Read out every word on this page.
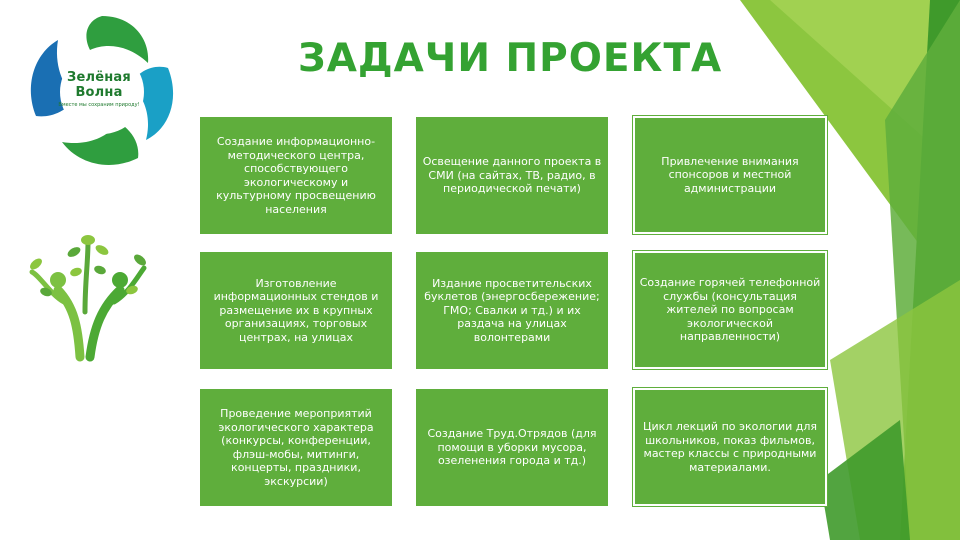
Зелёная Волна
Вместе мы сохраним природу!
ЗАДАЧИ ПРОЕКТА
Создание информационно-методического центра, способствующего экологическому и культурному просвещению населения
Освещение данного проекта в СМИ (на сайтах, ТВ, радио, в периодической печати)
Привлечение внимания спонсоров и местной администрации
Изготовление информационных стендов и размещение их в крупных организациях, торговых центрах, на улицах
Издание просветительских буклетов (энергосбережение; ГМО; Свалки и тд.) и их раздача на улицах волонтерами
Создание горячей телефонной службы (консультация жителей по вопросам экологической направленности)
Проведение мероприятий экологического характера (конкурсы, конференции, флэш-мобы, митинги, концерты, праздники, экскурсии)
Создание Труд.Отрядов (для помощи в уборки мусора, озеленения города и тд.)
Цикл лекций по экологии для школьников, показ фильмов, мастер классы с природными материалами.
